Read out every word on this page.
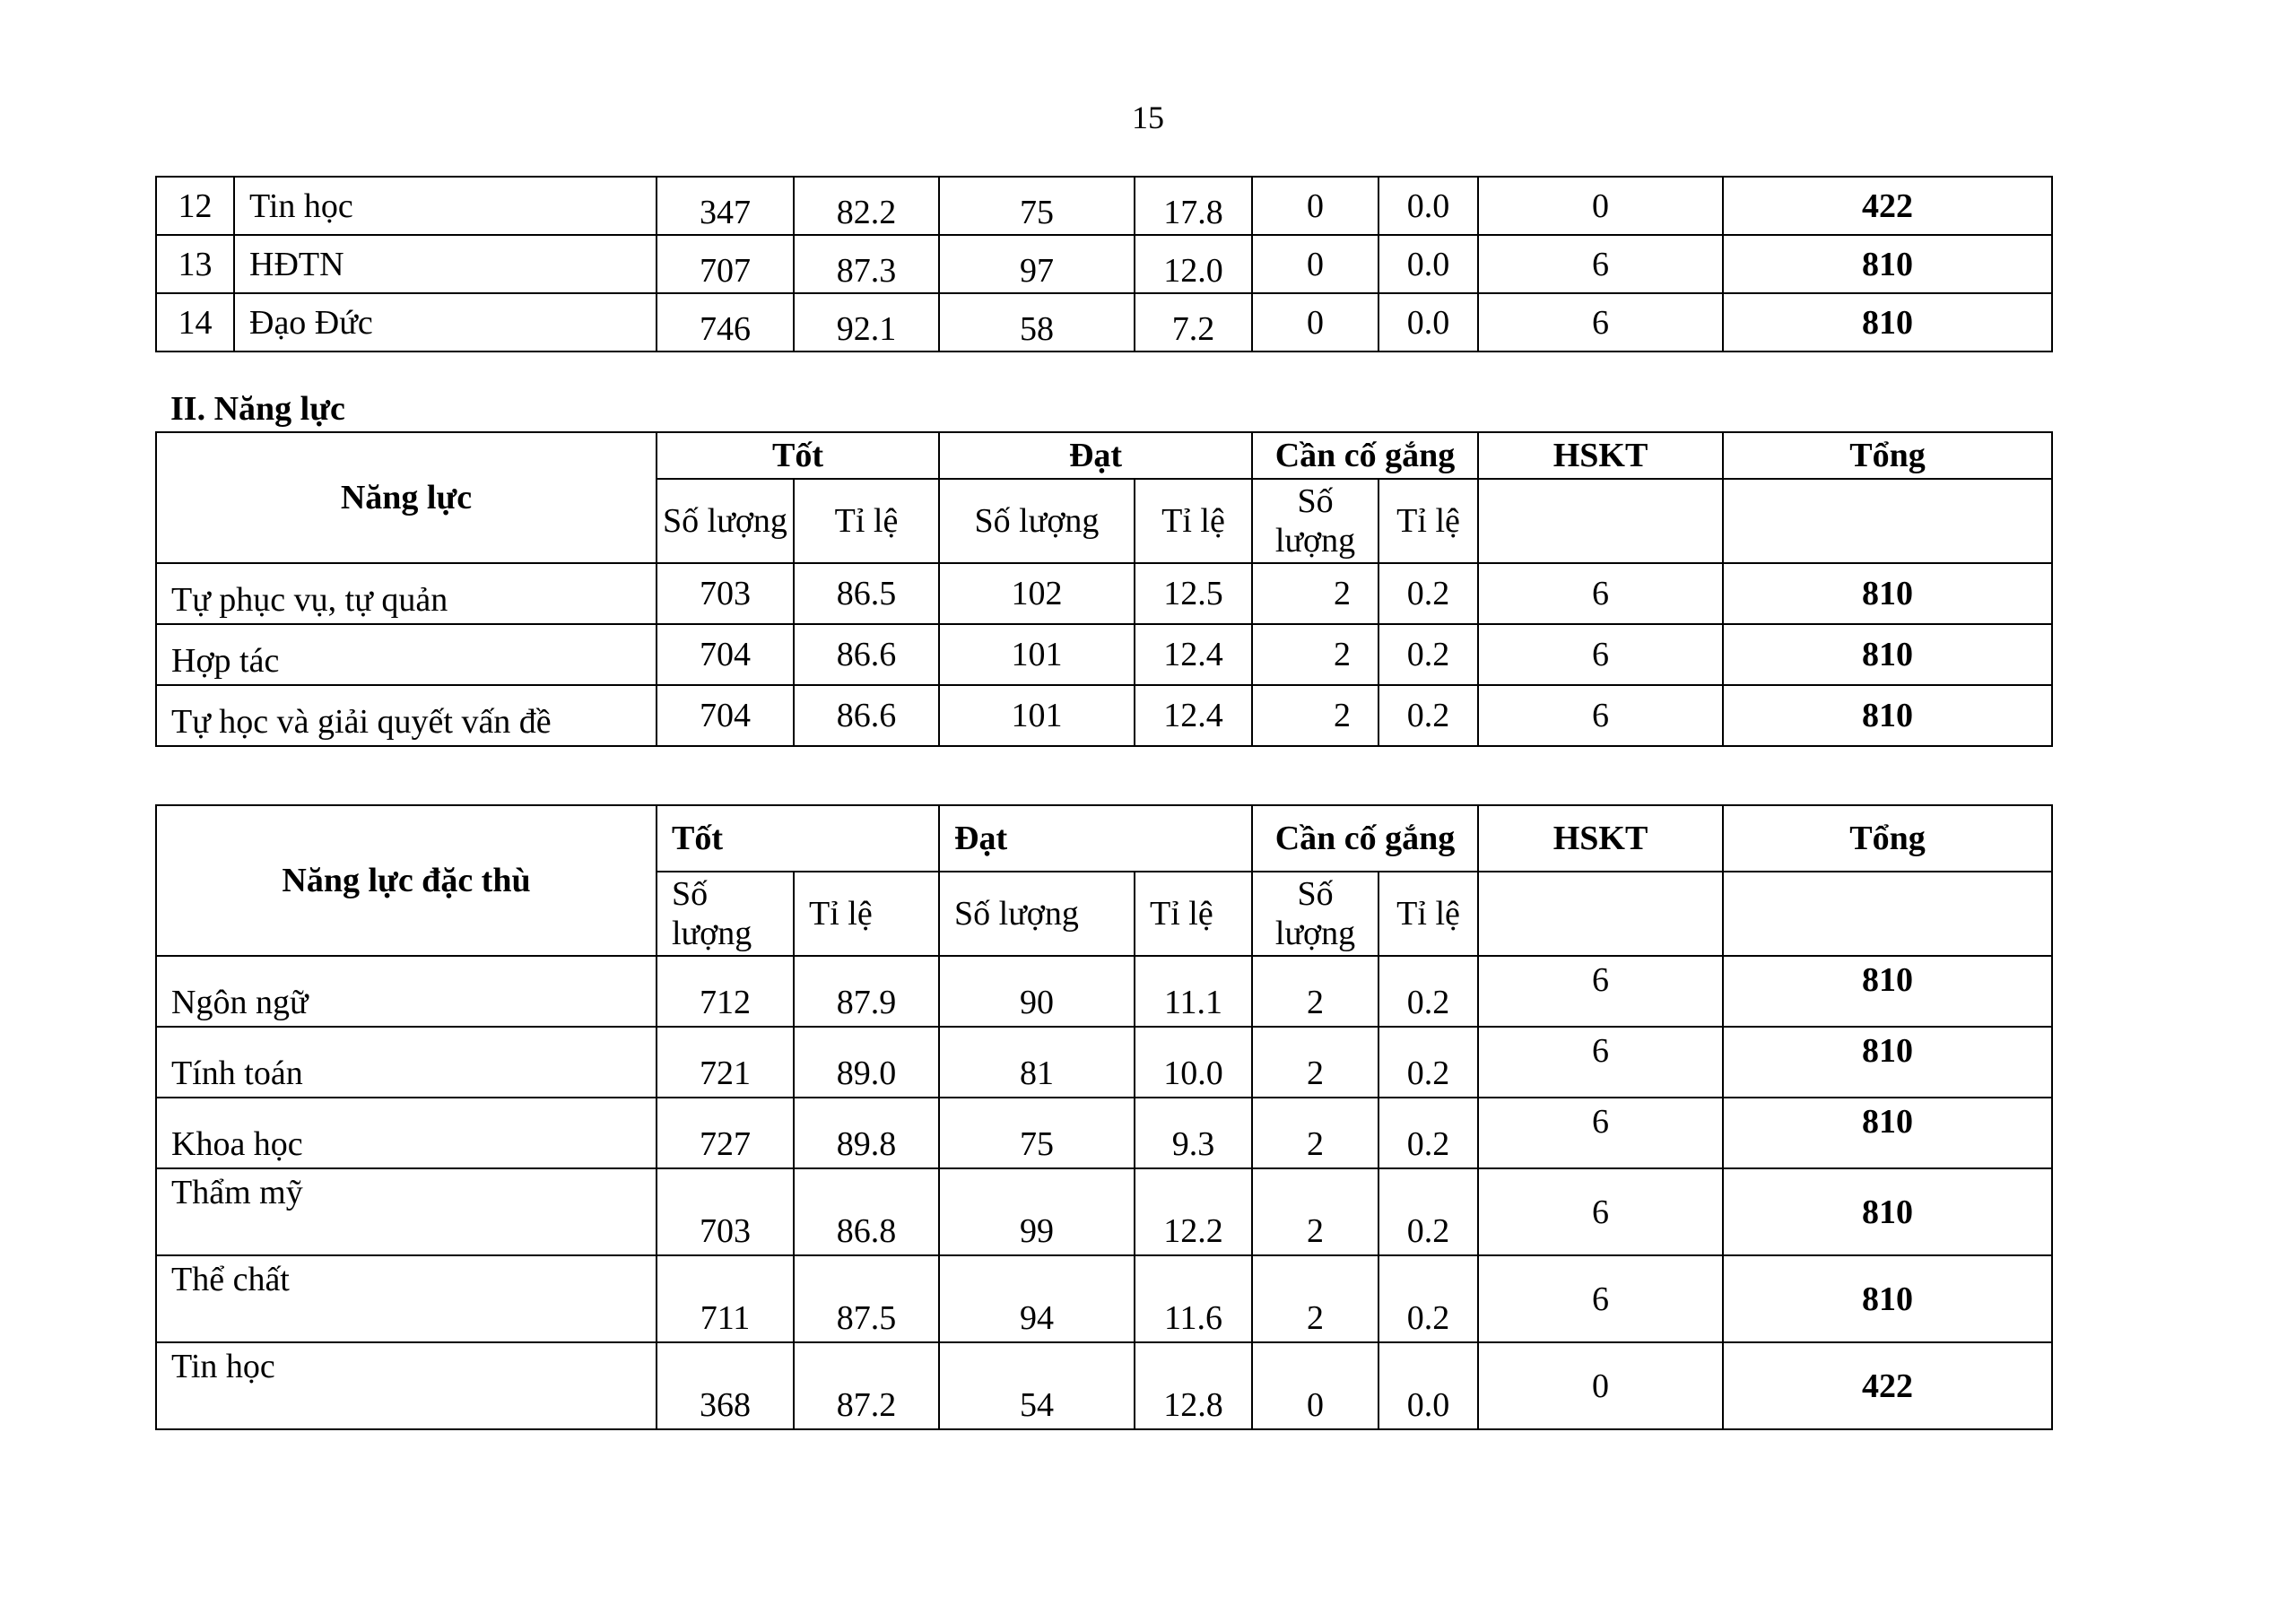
15
12	Tin học	347	82.2	75	17.8	0	0.0	0	422
13	HĐTN	707	87.3	97	12.0	0	0.0	6	810
14	Đạo Đức	746	92.1	58	7.2	0	0.0	6	810
II. Năng lực
Năng lực	Tốt		Đạt		Cần cố gắng		HSKT	Tổng
	Số lượng	Tỉ lệ	Số lượng	Tỉ lệ	Số lượng	Tỉ lệ		
Tự phục vụ, tự quản	703	86.5	102	12.5	2	0.2	6	810
Hợp tác	704	86.6	101	12.4	2	0.2	6	810
Tự học và giải quyết vấn đề	704	86.6	101	12.4	2	0.2	6	810
Năng lực đặc thù	Tốt		Đạt		Cần cố gắng		HSKT	Tổng
	Số lượng	Tỉ lệ	Số lượng	Tỉ lệ	Số lượng	Tỉ lệ		
Ngôn ngữ	712	87.9	90	11.1	2	0.2	6	810
Tính toán	721	89.0	81	10.0	2	0.2	6	810
Khoa học	727	89.8	75	9.3	2	0.2	6	810
Thẩm mỹ	703	86.8	99	12.2	2	0.2	6	810
Thể chất	711	87.5	94	11.6	2	0.2	6	810
Tin học	368	87.2	54	12.8	0	0.0	0	422
